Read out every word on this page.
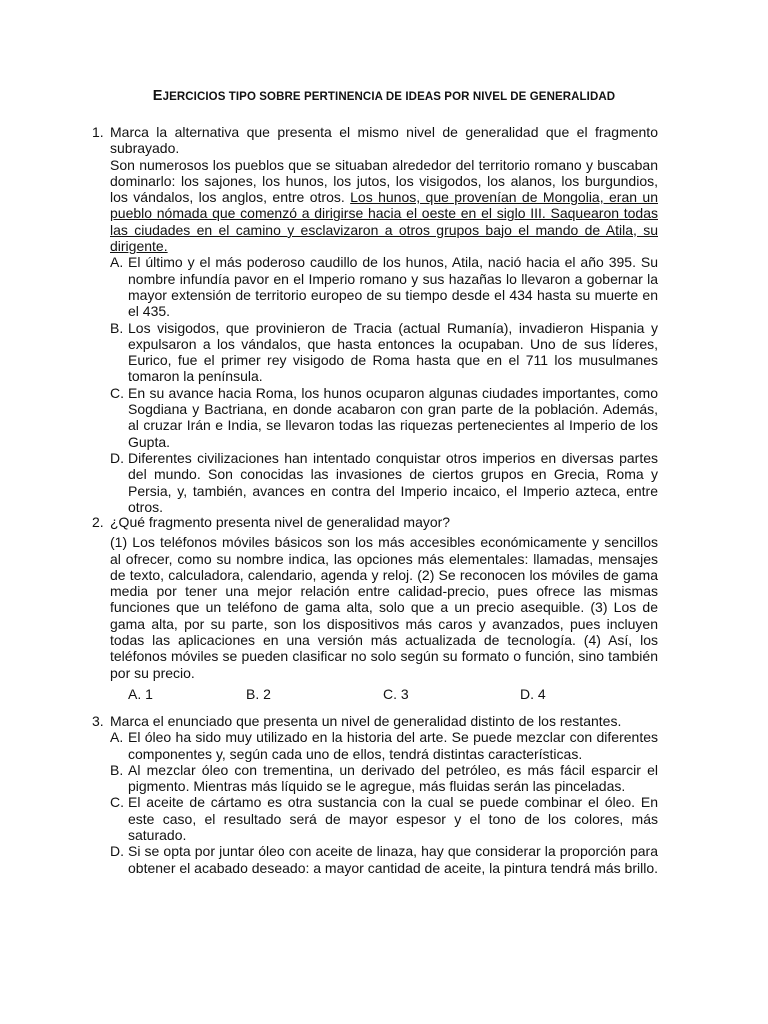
EJERCICIOS TIPO SOBRE PERTINENCIA DE IDEAS POR NIVEL DE GENERALIDAD
1. Marca la alternativa que presenta el mismo nivel de generalidad que el fragmento subrayado.

Son numerosos los pueblos que se situaban alrededor del territorio romano y buscaban dominarlo: los sajones, los hunos, los jutos, los visigodos, los alanos, los burgundios, los vándalos, los anglos, entre otros. Los hunos, que provenían de Mongolia, eran un pueblo nómada que comenzó a dirigirse hacia el oeste en el siglo III. Saquearon todas las ciudades en el camino y esclavizaron a otros grupos bajo el mando de Atila, su dirigente.

A. El último y el más poderoso caudillo de los hunos, Atila, nació hacia el año 395. Su nombre infundía pavor en el Imperio romano y sus hazañas lo llevaron a gobernar la mayor extensión de territorio europeo de su tiempo desde el 434 hasta su muerte en el 435.
B. Los visigodos, que provinieron de Tracia (actual Rumanía), invadieron Hispania y expulsaron a los vándalos, que hasta entonces la ocupaban. Uno de sus líderes, Eurico, fue el primer rey visigodo de Roma hasta que en el 711 los musulmanes tomaron la península.
C. En su avance hacia Roma, los hunos ocuparon algunas ciudades importantes, como Sogdiana y Bactriana, en donde acabaron con gran parte de la población. Además, al cruzar Irán e India, se llevaron todas las riquezas pertenecientes al Imperio de los Gupta.
D. Diferentes civilizaciones han intentado conquistar otros imperios en diversas partes del mundo. Son conocidas las invasiones de ciertos grupos en Grecia, Roma y Persia, y, también, avances en contra del Imperio incaico, el Imperio azteca, entre otros.
2. ¿Qué fragmento presenta nivel de generalidad mayor?

(1) Los teléfonos móviles básicos son los más accesibles económicamente y sencillos al ofrecer, como su nombre indica, las opciones más elementales: llamadas, mensajes de texto, calculadora, calendario, agenda y reloj. (2) Se reconocen los móviles de gama media por tener una mejor relación entre calidad-precio, pues ofrece las mismas funciones que un teléfono de gama alta, solo que a un precio asequible. (3) Los de gama alta, por su parte, son los dispositivos más caros y avanzados, pues incluyen todas las aplicaciones en una versión más actualizada de tecnología. (4) Así, los teléfonos móviles se pueden clasificar no solo según su formato o función, sino también por su precio.

A. 1	B. 2	C. 3	D. 4
3. Marca el enunciado que presenta un nivel de generalidad distinto de los restantes.

A. El óleo ha sido muy utilizado en la historia del arte. Se puede mezclar con diferentes componentes y, según cada uno de ellos, tendrá distintas características.
B. Al mezclar óleo con trementina, un derivado del petróleo, es más fácil esparcir el pigmento. Mientras más líquido se le agregue, más fluidas serán las pinceladas.
C. El aceite de cártamo es otra sustancia con la cual se puede combinar el óleo. En este caso, el resultado será de mayor espesor y el tono de los colores, más saturado.
D. Si se opta por juntar óleo con aceite de linaza, hay que considerar la proporción para obtener el acabado deseado: a mayor cantidad de aceite, la pintura tendrá más brillo.
